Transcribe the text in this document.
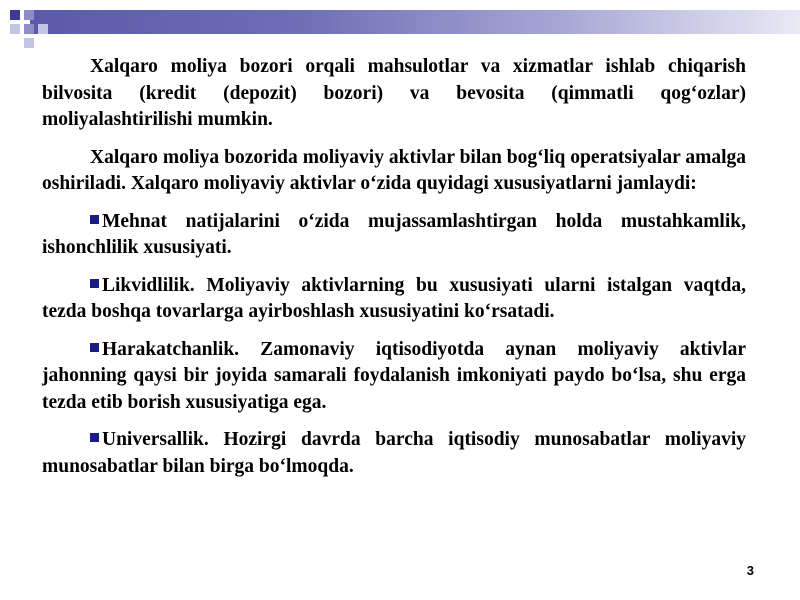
Xalqaro moliya bozori orqali mahsulotlar va xizmatlar ishlab chiqarish bilvosita (kredit (depozit) bozori) va bevosita (qimmatli qog‘ozlar) moliyalashtirilishi mumkin.

Xalqaro moliya bozorida moliyaviy aktivlar bilan bog‘liq operatsiyalar amalga oshiriladi. Xalqaro moliyaviy aktivlar o‘zida quyidagi xususiyatlarni jamlaydi:

Mehnat natijalarini o‘zida mujassamlashtirgan holda mustahkamlik, ishonchlilik xususiyati.

Likvidlilik. Moliyaviy aktivlarning bu xususiyati ularni istalgan vaqtda, tezda boshqa tovarlarga ayirboshlash xususiyatini ko‘rsatadi.

Harakatchanlik. Zamonaviy iqtisodiyotda aynan moliyaviy aktivlar jahonning qaysi bir joyida samarali foydalanish imkoniyati paydo bo‘lsa, shu erga tezda etib borish xususiyatiga ega.

Universallik. Hozirgi davrda barcha iqtisodiy munosabatlar moliyaviy munosabatlar bilan birga bo‘lmoqda.

3
